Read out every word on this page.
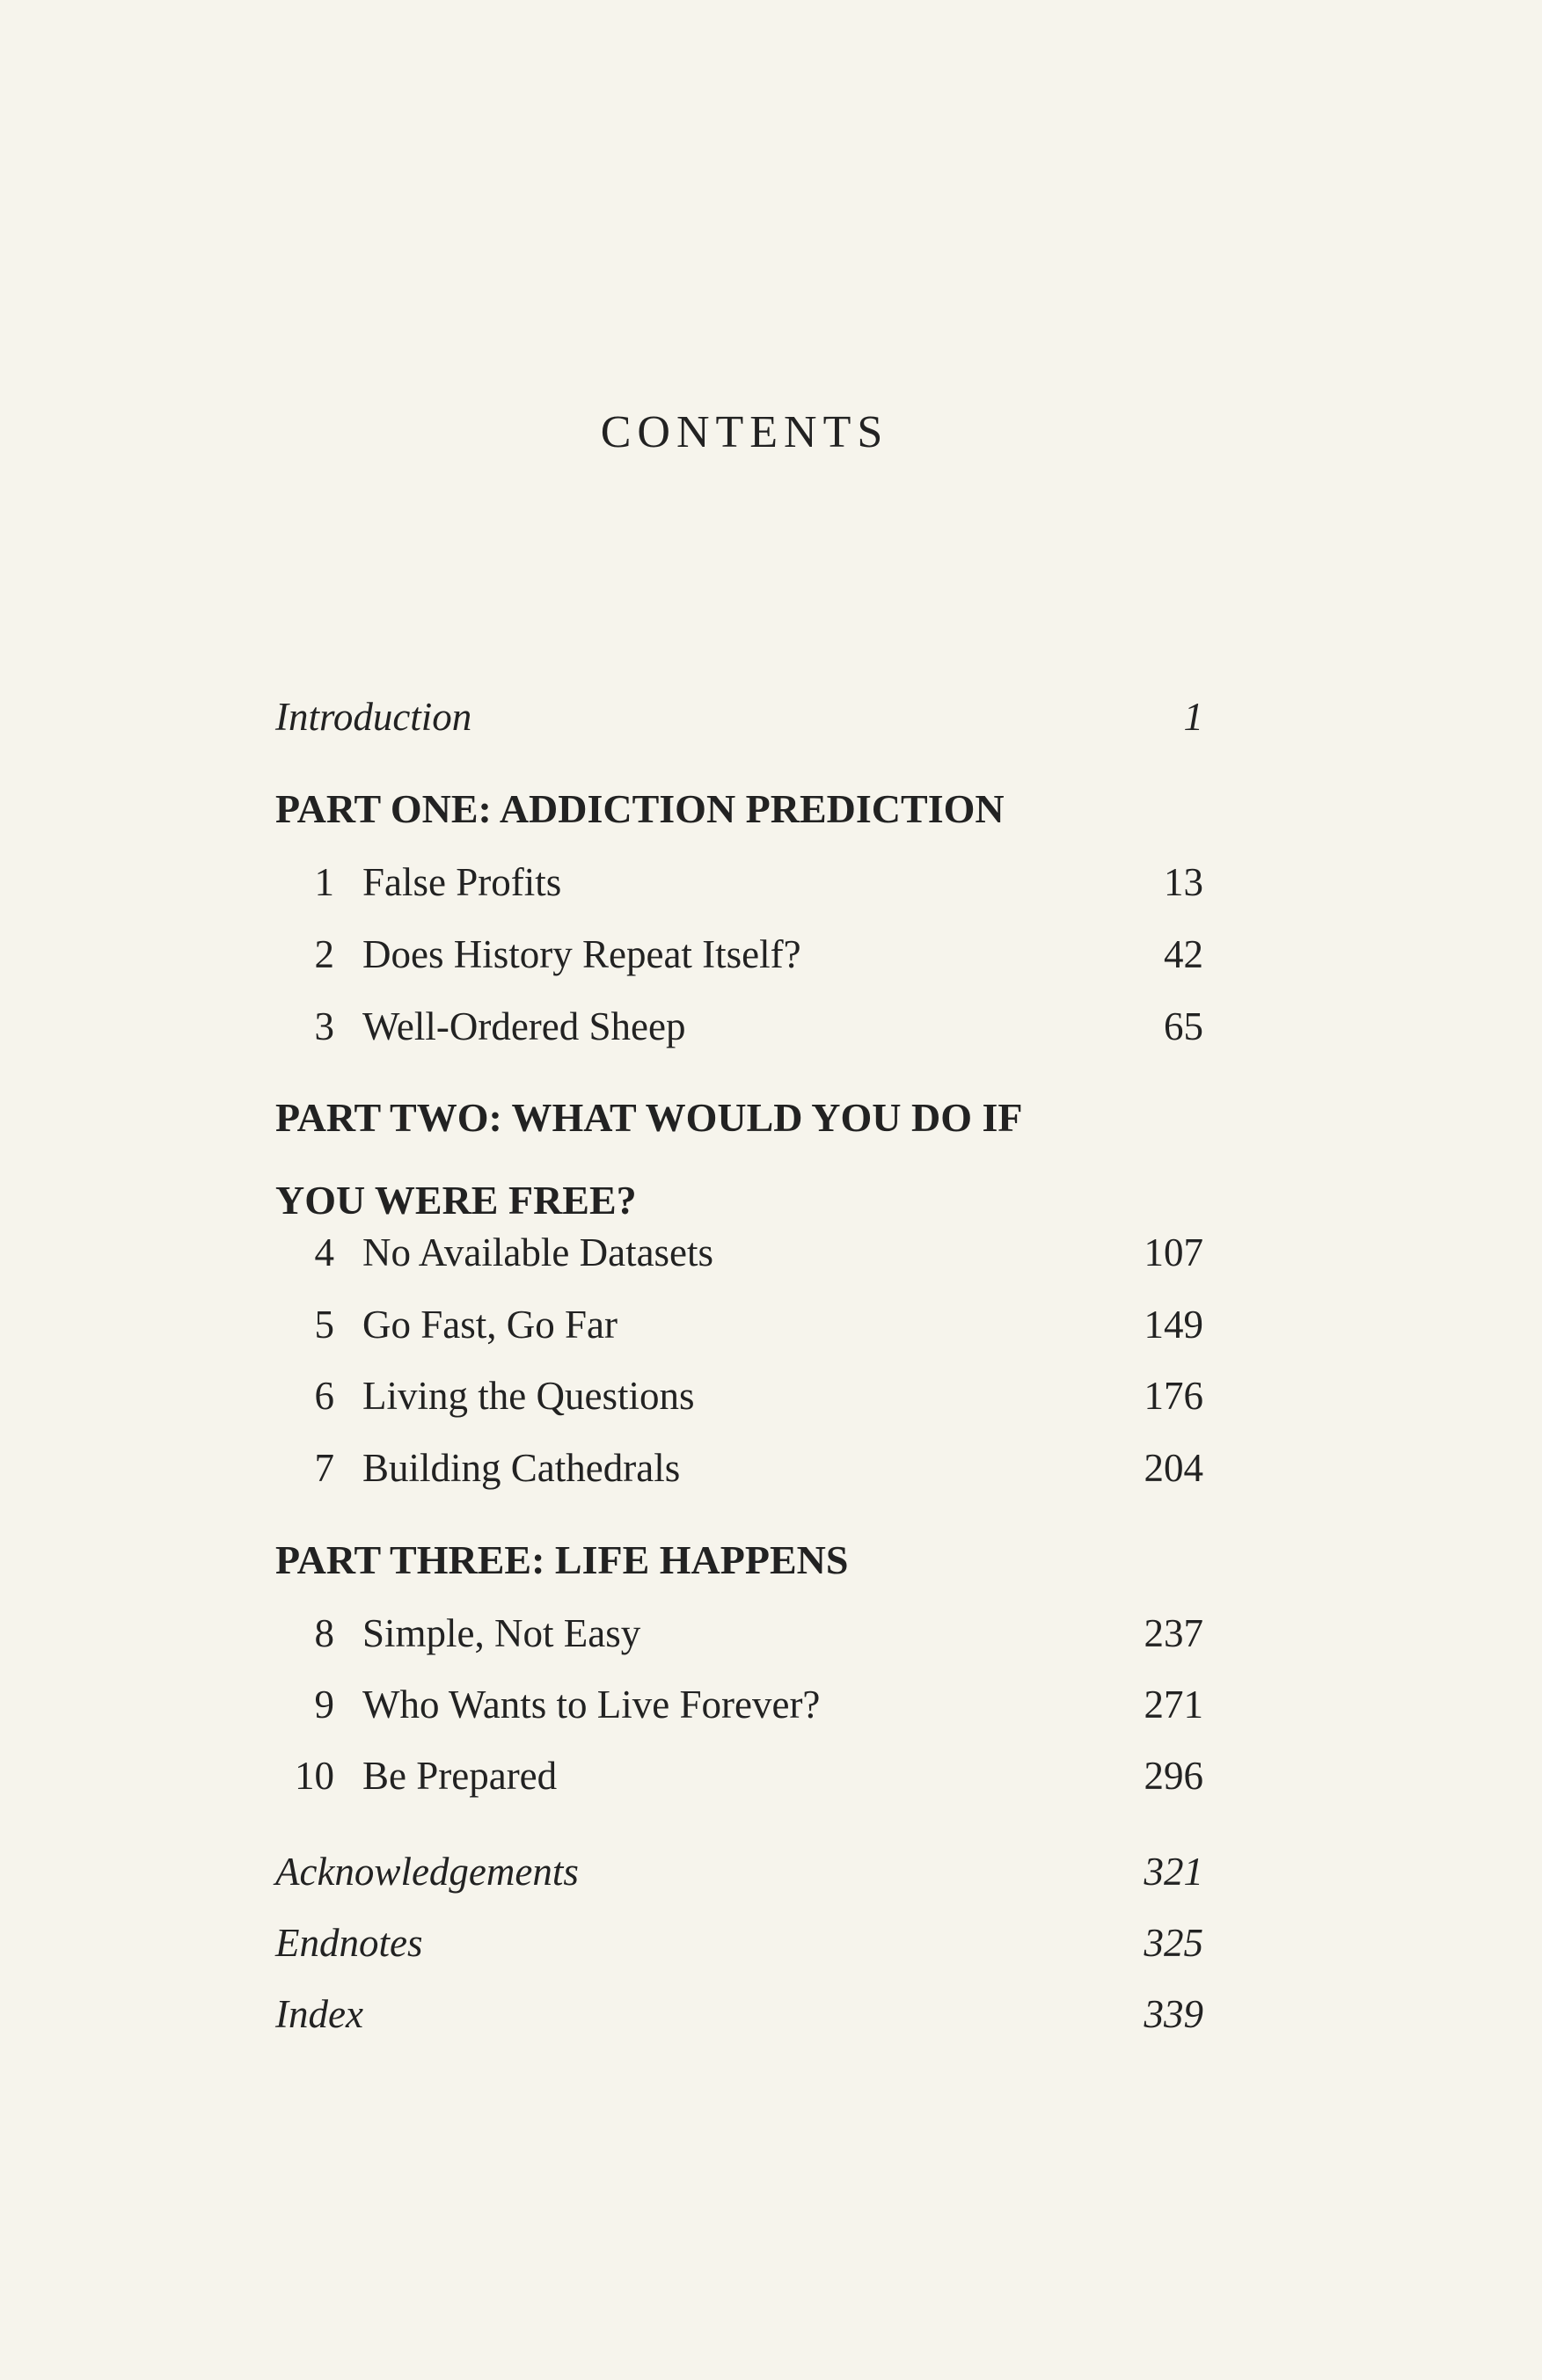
CONTENTS
Introduction	1
PART ONE: ADDICTION PREDICTION
1 False Profits	13
2 Does History Repeat Itself?	42
3 Well-Ordered Sheep	65
PART TWO: WHAT WOULD YOU DO IF
YOU WERE FREE?
4 No Available Datasets	107
5 Go Fast, Go Far	149
6 Living the Questions	176
7 Building Cathedrals	204
PART THREE: LIFE HAPPENS
8 Simple, Not Easy	237
9 Who Wants to Live Forever?	271
10 Be Prepared	296
Acknowledgements	321
Endnotes	325
Index	339
